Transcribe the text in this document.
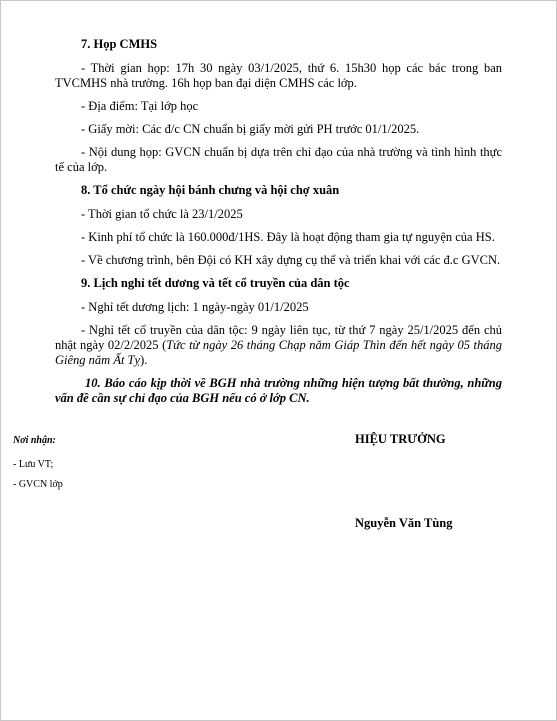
7. Họp CMHS
- Thời gian họp: 17h 30 ngày 03/1/2025, thứ 6. 15h30 họp các bác trong ban TVCMHS nhà trường. 16h họp ban đại diện CMHS các lớp.
- Địa điểm: Tại lớp học
- Giấy mời: Các đ/c CN chuẩn bị giấy mời gửi PH trước 01/1/2025.
- Nội dung họp: GVCN chuẩn bị dựa trên chỉ đạo của nhà trường và tình hình thực tế của lớp.
8. Tổ chức ngày hội bánh chưng và hội chợ xuân
- Thời gian tổ chức là 23/1/2025
- Kinh phí tổ chức là 160.000đ/1HS. Đây là hoạt động tham gia tự nguyện của HS.
- Về chương trình, bên Đội có KH xây dựng cụ thể và triển khai với các đ.c GVCN.
9. Lịch nghỉ tết dương và tết cổ truyền của dân tộc
- Nghỉ tết dương lịch: 1 ngày-ngày 01/1/2025
- Nghỉ tết cổ truyền của dân tộc: 9 ngày liên tục, từ thứ 7 ngày 25/1/2025 đến chủ nhật ngày 02/2/2025 (Tức từ ngày 26 tháng Chạp năm Giáp Thìn đến hết ngày 05 tháng Giêng năm Ất Tỵ).
10. Báo cáo kịp thời về BGH nhà trường những hiện tượng bất thường, những vấn đề cần sự chỉ đạo của BGH nếu có ở lớp CN.
Nơi nhận:
- Lưu VT;
- GVCN lớp
HIỆU TRƯỞNG
Nguyễn Văn Tùng
